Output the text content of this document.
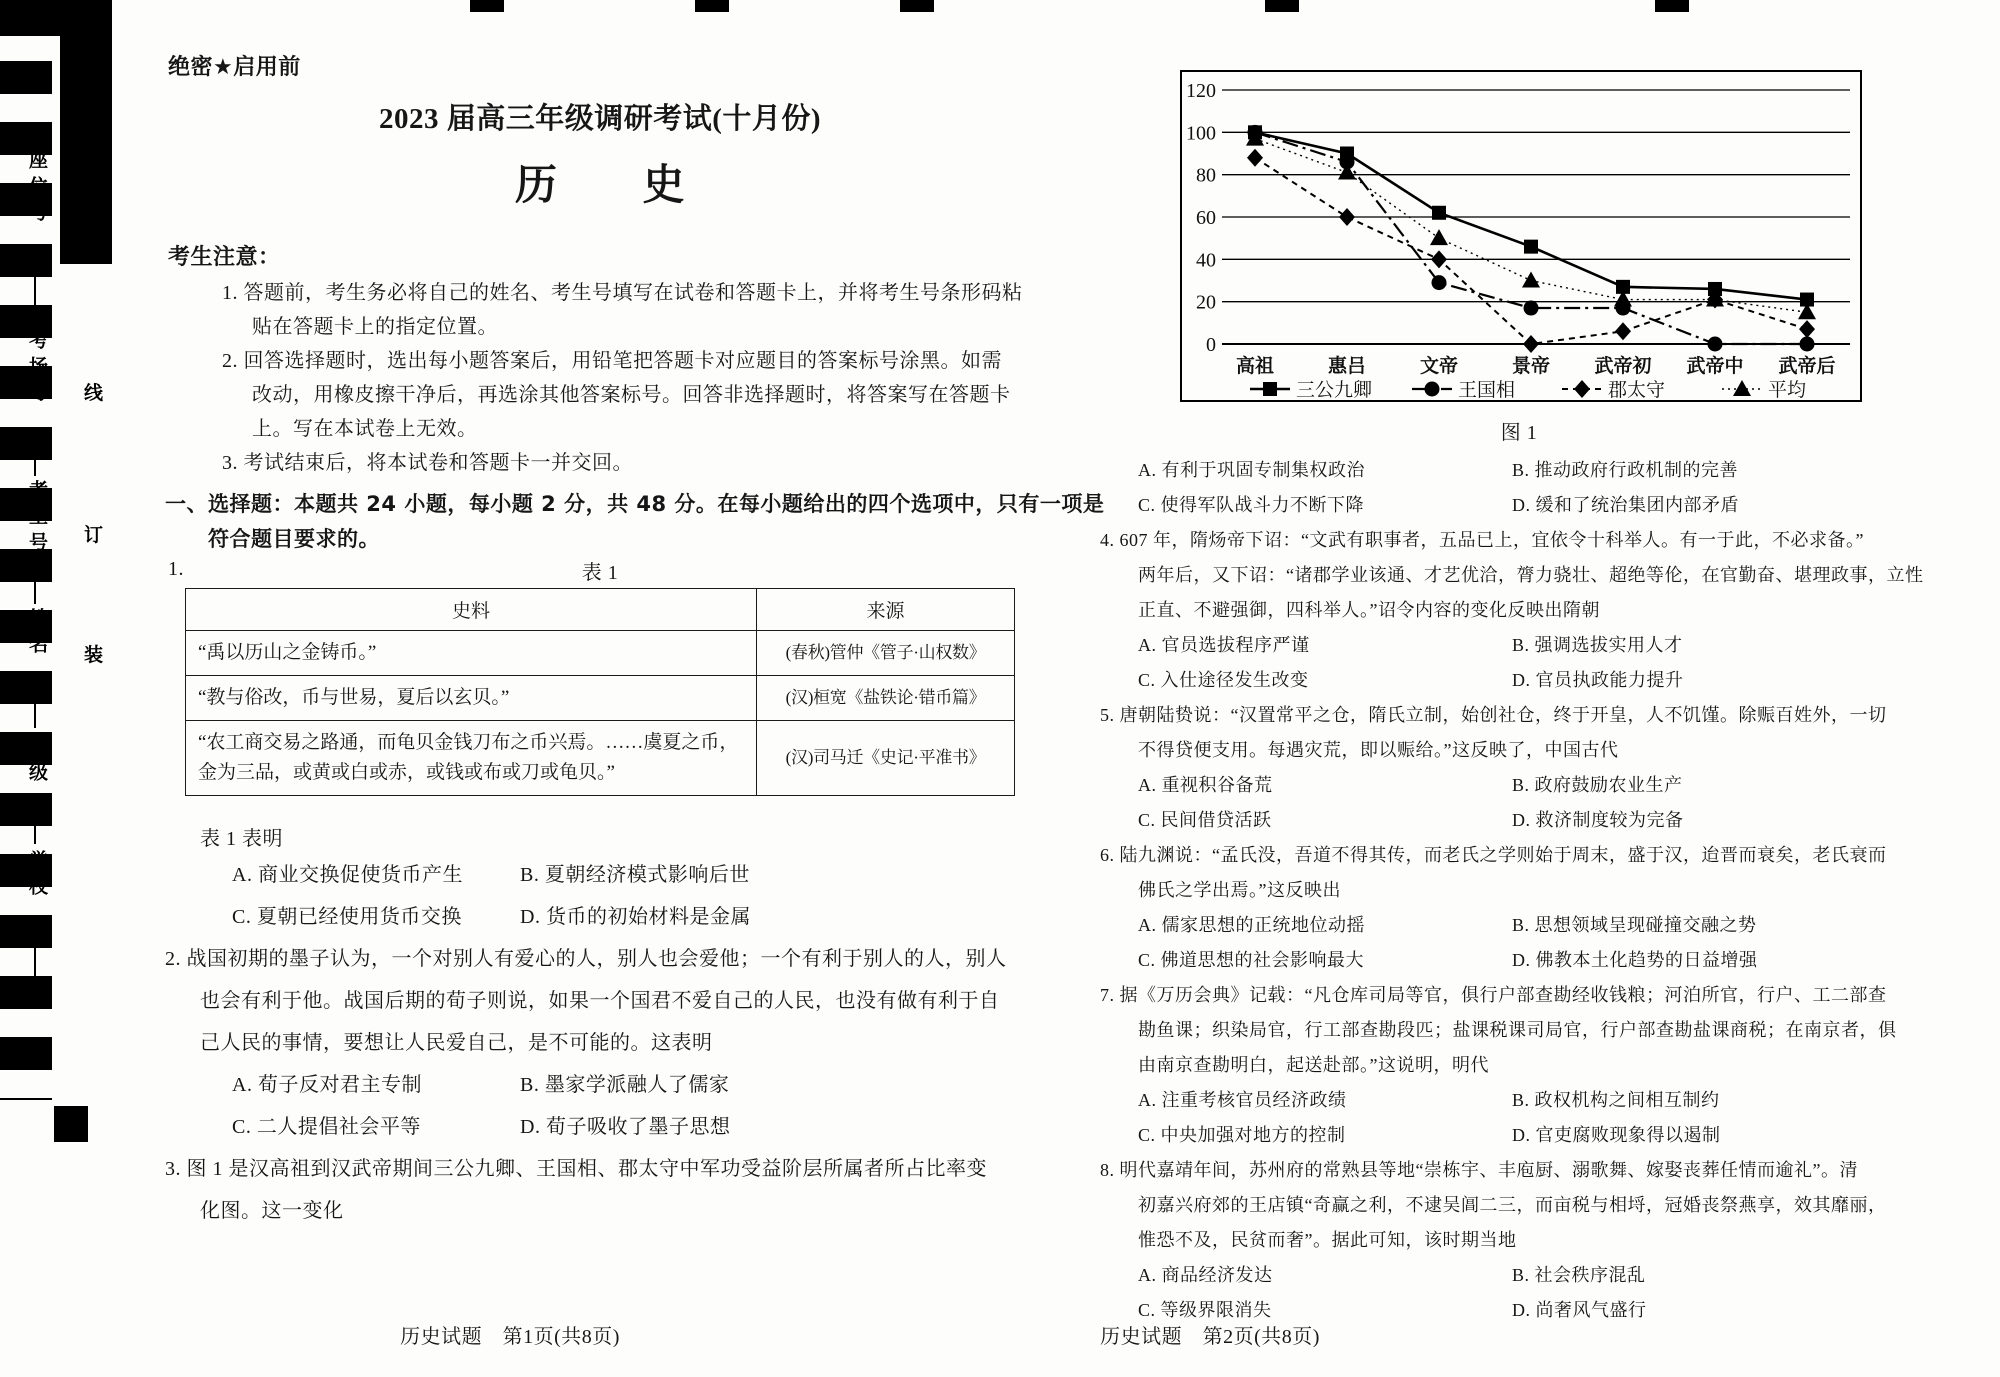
座位号
考场号
考生号
姓名
班级
学校
线
订
装
绝密★启用前
2023 届高三年级调研考试(十月份)
历　　史
考生注意：
1. 答题前，考生务必将自己的姓名、考生号填写在试卷和答题卡上，并将考生号条形码粘
贴在答题卡上的指定位置。
2. 回答选择题时，选出每小题答案后，用铅笔把答题卡对应题目的答案标号涂黑。如需
改动，用橡皮擦干净后，再选涂其他答案标号。回答非选择题时，将答案写在答题卡
上。写在本试卷上无效。
3. 考试结束后，将本试卷和答题卡一并交回。
一、选择题：本题共 24 小题，每小题 2 分，共 48 分。在每小题给出的四个选项中，只有一项是
符合题目要求的。
1.	表 1
史料	来源
“禹以历山之金铸币。”	(春秋)管仲《管子·山权数》
“教与俗改，币与世易，夏后以玄贝。”	(汉)桓宽《盐铁论·错币篇》
“农工商交易之路通，而龟贝金钱刀布之币兴焉。……虞夏之币，金为三品，或黄或白或赤，或钱或布或刀或龟贝。”	(汉)司马迁《史记·平准书》
表 1 表明
A. 商业交换促使货币产生	B. 夏朝经济模式影响后世
C. 夏朝已经使用货币交换	D. 货币的初始材料是金属
2. 战国初期的墨子认为，一个对别人有爱心的人，别人也会爱他；一个有利于别人的人，别人
也会有利于他。战国后期的荀子则说，如果一个国君不爱自己的人民，也没有做有利于自
己人民的事情，要想让人民爱自己，是不可能的。这表明
A. 荀子反对君主专制	B. 墨家学派融人了儒家
C. 二人提倡社会平等	D. 荀子吸收了墨子思想
3. 图 1 是汉高祖到汉武帝期间三公九卿、王国相、郡太守中军功受益阶层所属者所占比率变
化图。这一变化
历史试题　第1页(共8页)
120
100
80
60
40
20
0
高祖	惠吕	文帝	景帝 武帝初 武帝中 武帝后
三公九卿	王国相	郡太守	平均
图 1
A. 有利于巩固专制集权政治	B. 推动政府行政机制的完善
C. 使得军队战斗力不断下降	D. 缓和了统治集团内部矛盾
4. 607 年，隋炀帝下诏：“文武有职事者，五品已上，宜依令十科举人。有一于此，不必求备。”
两年后，又下诏：“诸郡学业该通、才艺优洽，膂力骁壮、超绝等伦，在官勤奋、堪理政事，立性
正直、不避强御，四科举人。”诏令内容的变化反映出隋朝
A. 官员选拔程序严谨	B. 强调选拔实用人才
C. 入仕途径发生改变	D. 官员执政能力提升
5. 唐朝陆贽说：“汉置常平之仓，隋氏立制，始创社仓，终于开皇，人不饥馑。除赈百姓外，一切
不得贷便支用。每遇灾荒，即以赈给。”这反映了，中国古代
A. 重视积谷备荒	B. 政府鼓励农业生产
C. 民间借贷活跃	D. 救济制度较为完备
6. 陆九渊说：“孟氏没，吾道不得其传，而老氏之学则始于周末，盛于汉，迨晋而衰矣，老氏衰而
佛氏之学出焉。”这反映出
A. 儒家思想的正统地位动摇	B. 思想领域呈现碰撞交融之势
C. 佛道思想的社会影响最大	D. 佛教本土化趋势的日益增强
7. 据《万历会典》记载：“凡仓库司局等官，俱行户部查勘经收钱粮；河泊所官，行户、工二部查
勘鱼课；织染局官，行工部查勘段匹；盐课税课司局官，行户部查勘盐课商税；在南京者，俱
由南京查勘明白，起送赴部。”这说明，明代
A. 注重考核官员经济政绩	B. 政权机构之间相互制约
C. 中央加强对地方的控制	D. 官吏腐败现象得以遏制
8. 明代嘉靖年间，苏州府的常熟县等地“崇栋宇、丰庖厨、溺歌舞、嫁娶丧葬任情而逾礼”。清
初嘉兴府郊的王店镇“奇赢之利，不逮吴阊二三，而亩税与相埒，冠婚丧祭燕享，效其靡丽，
惟恐不及，民贫而奢”。据此可知，该时期当地
A. 商品经济发达	B. 社会秩序混乱
C. 等级界限消失	D. 尚奢风气盛行
历史试题　第2页(共8页)
